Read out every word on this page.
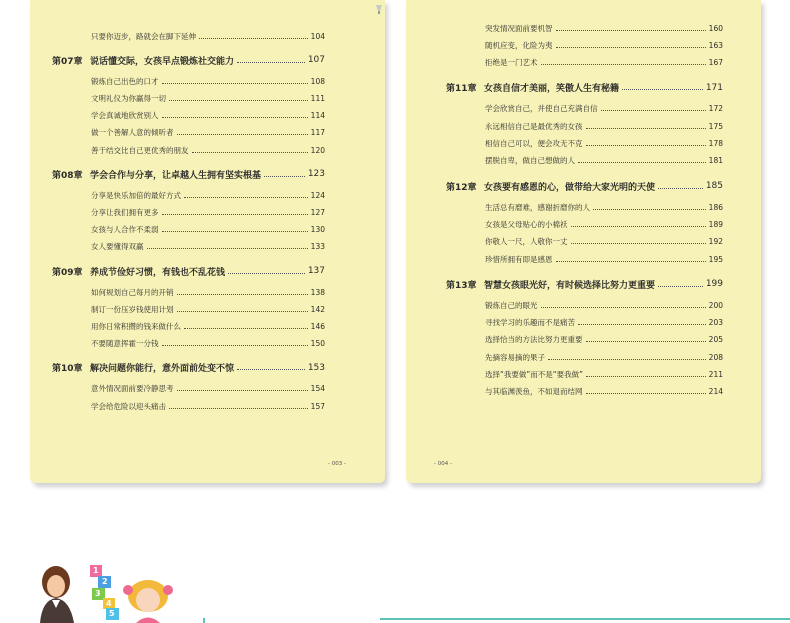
只要你迈步，路就会在脚下延伸	104
第07章 说话懂交际，女孩早点锻炼社交能力	107
锻炼自己出色的口才	108
文明礼仪为你赢得一切	111
学会真诚地欣赏别人	114
做一个善解人意的倾听者	117
善于结交比自己更优秀的朋友	120
第08章 学会合作与分享，让卓越人生拥有坚实根基	123
分享是快乐加倍的最好方式	124
分享让我们拥有更多	127
女孩与人合作不柔弱	130
女人要懂得双赢	133
第09章 养成节俭好习惯，有钱也不乱花钱	137
如何规划自己每月的开销	138
制订一份压岁钱使用计划	142
用你日常积攒的钱来做什么	146
不要随意挥霍一分钱	150
第10章 解决问题你能行，意外面前处变不惊	153
意外情况面前要冷静思考	154
学会给危险以迎头痛击	157
- 003 -
突发情况面前要机智	160
随机应变，化险为夷	163
拒绝是一门艺术	167
第11章 女孩自信才美丽，笑傲人生有秘籍	171
学会欣赏自己，并使自己充满自信	172
永远相信自己是最优秀的女孩	175
相信自己可以，便会攻无不克	178
摆脱自卑，做自己想做的人	181
第12章 女孩要有感恩的心，做带给大家光明的天使	185
生活总有磨难，感谢折磨你的人	186
女孩是父母贴心的小棉袄	189
你敬人一尺，人敬你一丈	192
珍惜所拥有即是感恩	195
第13章 智慧女孩眼光好，有时候选择比努力更重要	199
锻炼自己的眼光	200
寻找学习的乐趣而不是痛苦	203
选择恰当的方法比努力更重要	205
先摘容易摘的果子	208
选择“我要做”而不是“要我做”	211
与其临渊羡鱼，不如退而结网	214
- 004 -
1
2
3
4
5
